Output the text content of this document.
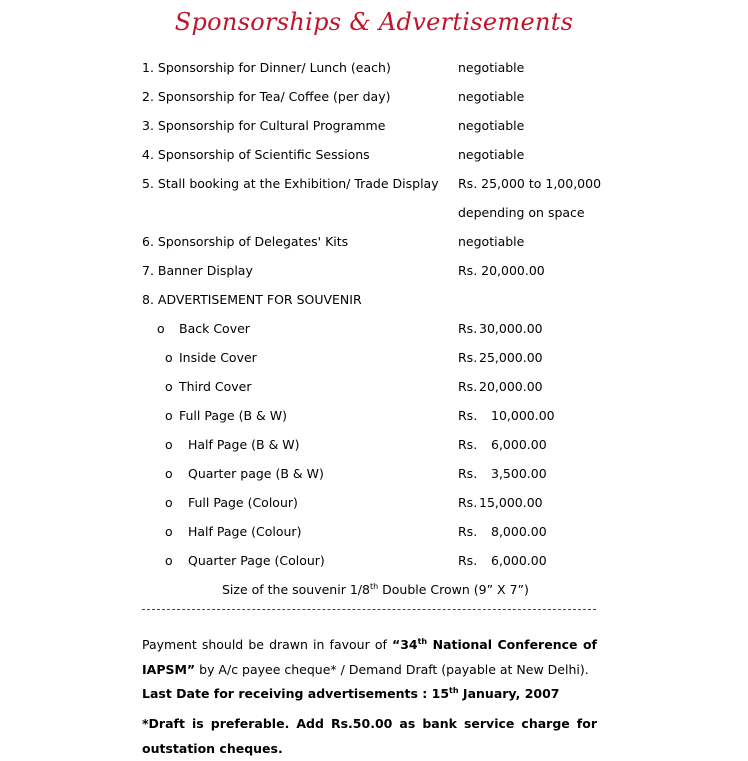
Sponsorships & Advertisements
1. Sponsorship for Dinner/ Lunch (each)	negotiable
2. Sponsorship for Tea/ Coffee (per day)	negotiable
3. Sponsorship for Cultural Programme	negotiable
4. Sponsorship of Scientific Sessions	negotiable
5. Stall booking at the Exhibition/ Trade Display Rs. 25,000 to 1,00,000
depending on space
6. Sponsorship of Delegates' Kits	negotiable
7. Banner Display	Rs. 20,000.00
8. ADVERTISEMENT FOR SOUVENIR
o Back Cover	Rs. 30,000.00
o Inside Cover	Rs. 25,000.00
o Third Cover	Rs. 20,000.00
o Full Page (B & W)	Rs. 10,000.00
o Half Page (B & W)	Rs. 6,000.00
o Quarter page (B & W)	Rs. 3,500.00
o Full Page (Colour)	Rs. 15,000.00
o Half Page (Colour)	Rs. 8,000.00
o Quarter Page (Colour)	Rs. 6,000.00
Size of the souvenir 1/8th Double Crown (9” X 7”)
Payment should be drawn in favour of “34th National Conference of IAPSM” by A/c payee cheque* / Demand Draft (payable at New Delhi).
Last Date for receiving advertisements : 15th January, 2007
*Draft is preferable. Add Rs.50.00 as bank service charge for outstation cheques.
